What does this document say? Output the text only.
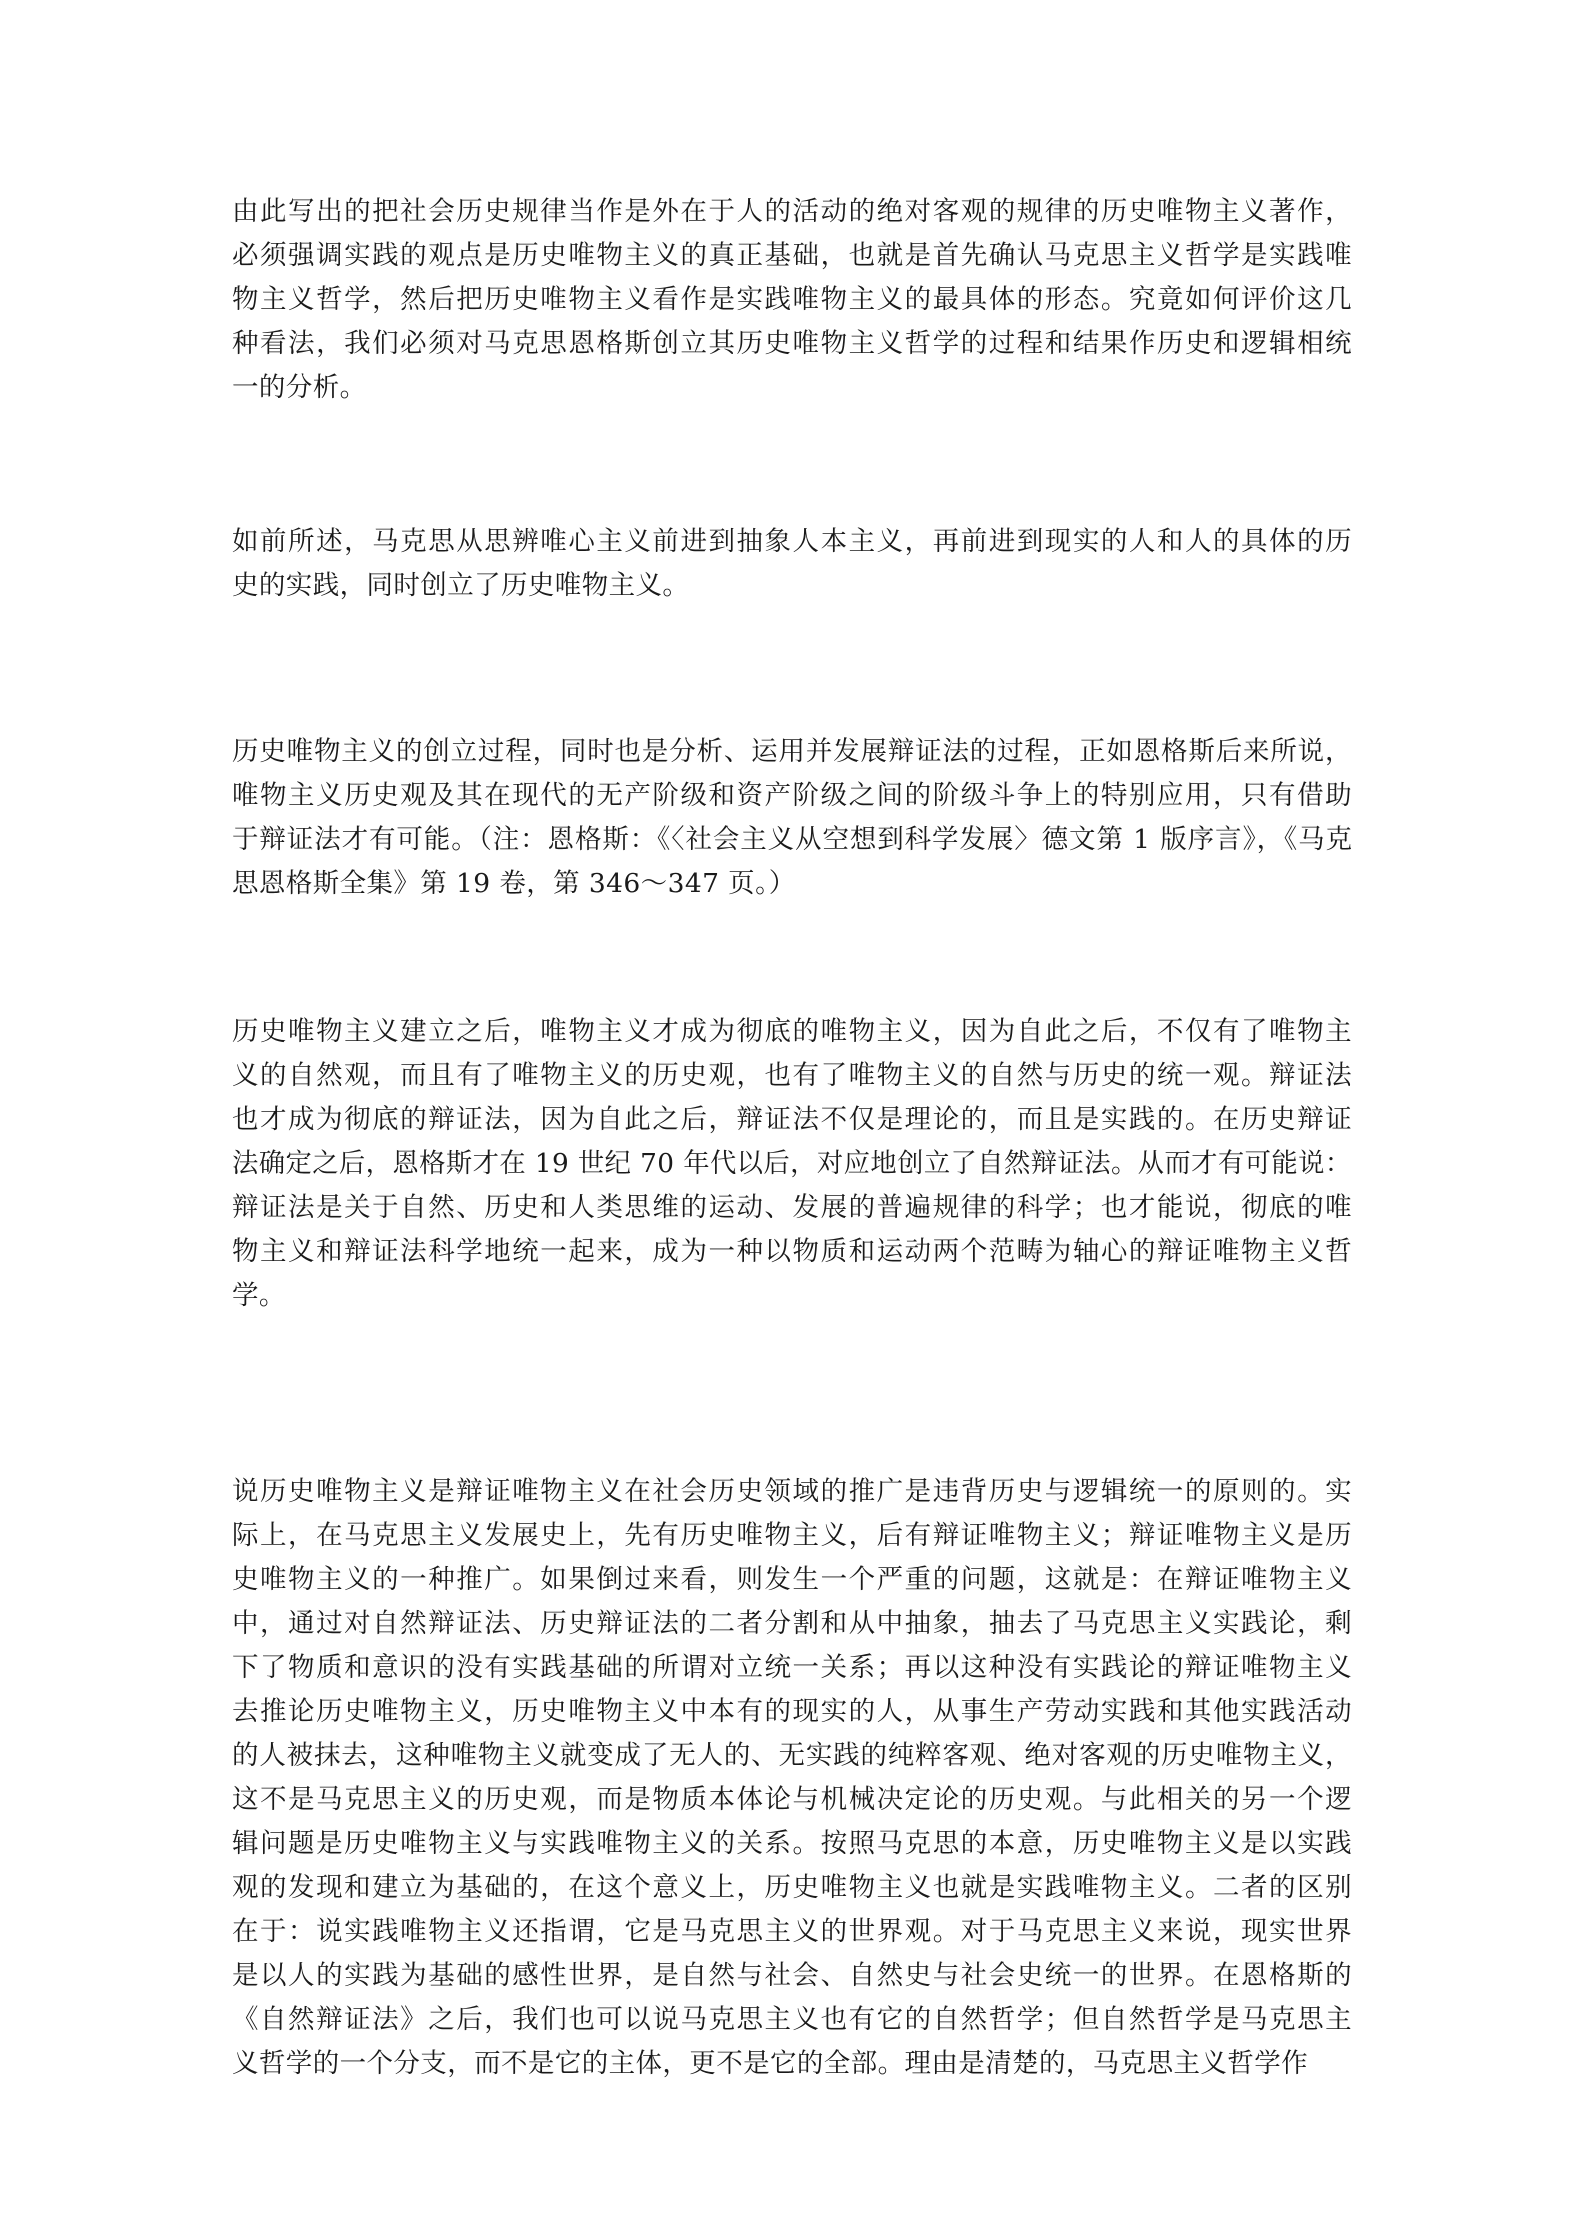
由此写出的把社会历史规律当作是外在于人的活动的绝对客观的规律的历史唯物主义著作，
必须强调实践的观点是历史唯物主义的真正基础，也就是首先确认马克思主义哲学是实践唯
物主义哲学，然后把历史唯物主义看作是实践唯物主义的最具体的形态。究竟如何评价这几
种看法，我们必须对马克思恩格斯创立其历史唯物主义哲学的过程和结果作历史和逻辑相统
一的分析。
如前所述，马克思从思辨唯心主义前进到抽象人本主义，再前进到现实的人和人的具体的历
史的实践，同时创立了历史唯物主义。
历史唯物主义的创立过程，同时也是分析、运用并发展辩证法的过程，正如恩格斯后来所说，
唯物主义历史观及其在现代的无产阶级和资产阶级之间的阶级斗争上的特别应用，只有借助
于辩证法才有可能。（注：恩格斯：《〈社会主义从空想到科学发展〉德文第 1 版序言》，《马克
思恩格斯全集》第 19 卷，第 346～347 页。）
历史唯物主义建立之后，唯物主义才成为彻底的唯物主义，因为自此之后，不仅有了唯物主
义的自然观，而且有了唯物主义的历史观，也有了唯物主义的自然与历史的统一观。辩证法
也才成为彻底的辩证法，因为自此之后，辩证法不仅是理论的，而且是实践的。在历史辩证
法确定之后，恩格斯才在 19 世纪 70 年代以后，对应地创立了自然辩证法。从而才有可能说：
辩证法是关于自然、历史和人类思维的运动、发展的普遍规律的科学；也才能说，彻底的唯
物主义和辩证法科学地统一起来，成为一种以物质和运动两个范畴为轴心的辩证唯物主义哲
学。
说历史唯物主义是辩证唯物主义在社会历史领域的推广是违背历史与逻辑统一的原则的。实
际上，在马克思主义发展史上，先有历史唯物主义，后有辩证唯物主义；辩证唯物主义是历
史唯物主义的一种推广。如果倒过来看，则发生一个严重的问题，这就是：在辩证唯物主义
中，通过对自然辩证法、历史辩证法的二者分割和从中抽象，抽去了马克思主义实践论，剩
下了物质和意识的没有实践基础的所谓对立统一关系；再以这种没有实践论的辩证唯物主义
去推论历史唯物主义，历史唯物主义中本有的现实的人，从事生产劳动实践和其他实践活动
的人被抹去，这种唯物主义就变成了无人的、无实践的纯粹客观、绝对客观的历史唯物主义，
这不是马克思主义的历史观，而是物质本体论与机械决定论的历史观。与此相关的另一个逻
辑问题是历史唯物主义与实践唯物主义的关系。按照马克思的本意，历史唯物主义是以实践
观的发现和建立为基础的，在这个意义上，历史唯物主义也就是实践唯物主义。二者的区别
在于：说实践唯物主义还指谓，它是马克思主义的世界观。对于马克思主义来说，现实世界
是以人的实践为基础的感性世界，是自然与社会、自然史与社会史统一的世界。在恩格斯的
《自然辩证法》之后，我们也可以说马克思主义也有它的自然哲学；但自然哲学是马克思主
义哲学的一个分支，而不是它的主体，更不是它的全部。理由是清楚的，马克思主义哲学作
